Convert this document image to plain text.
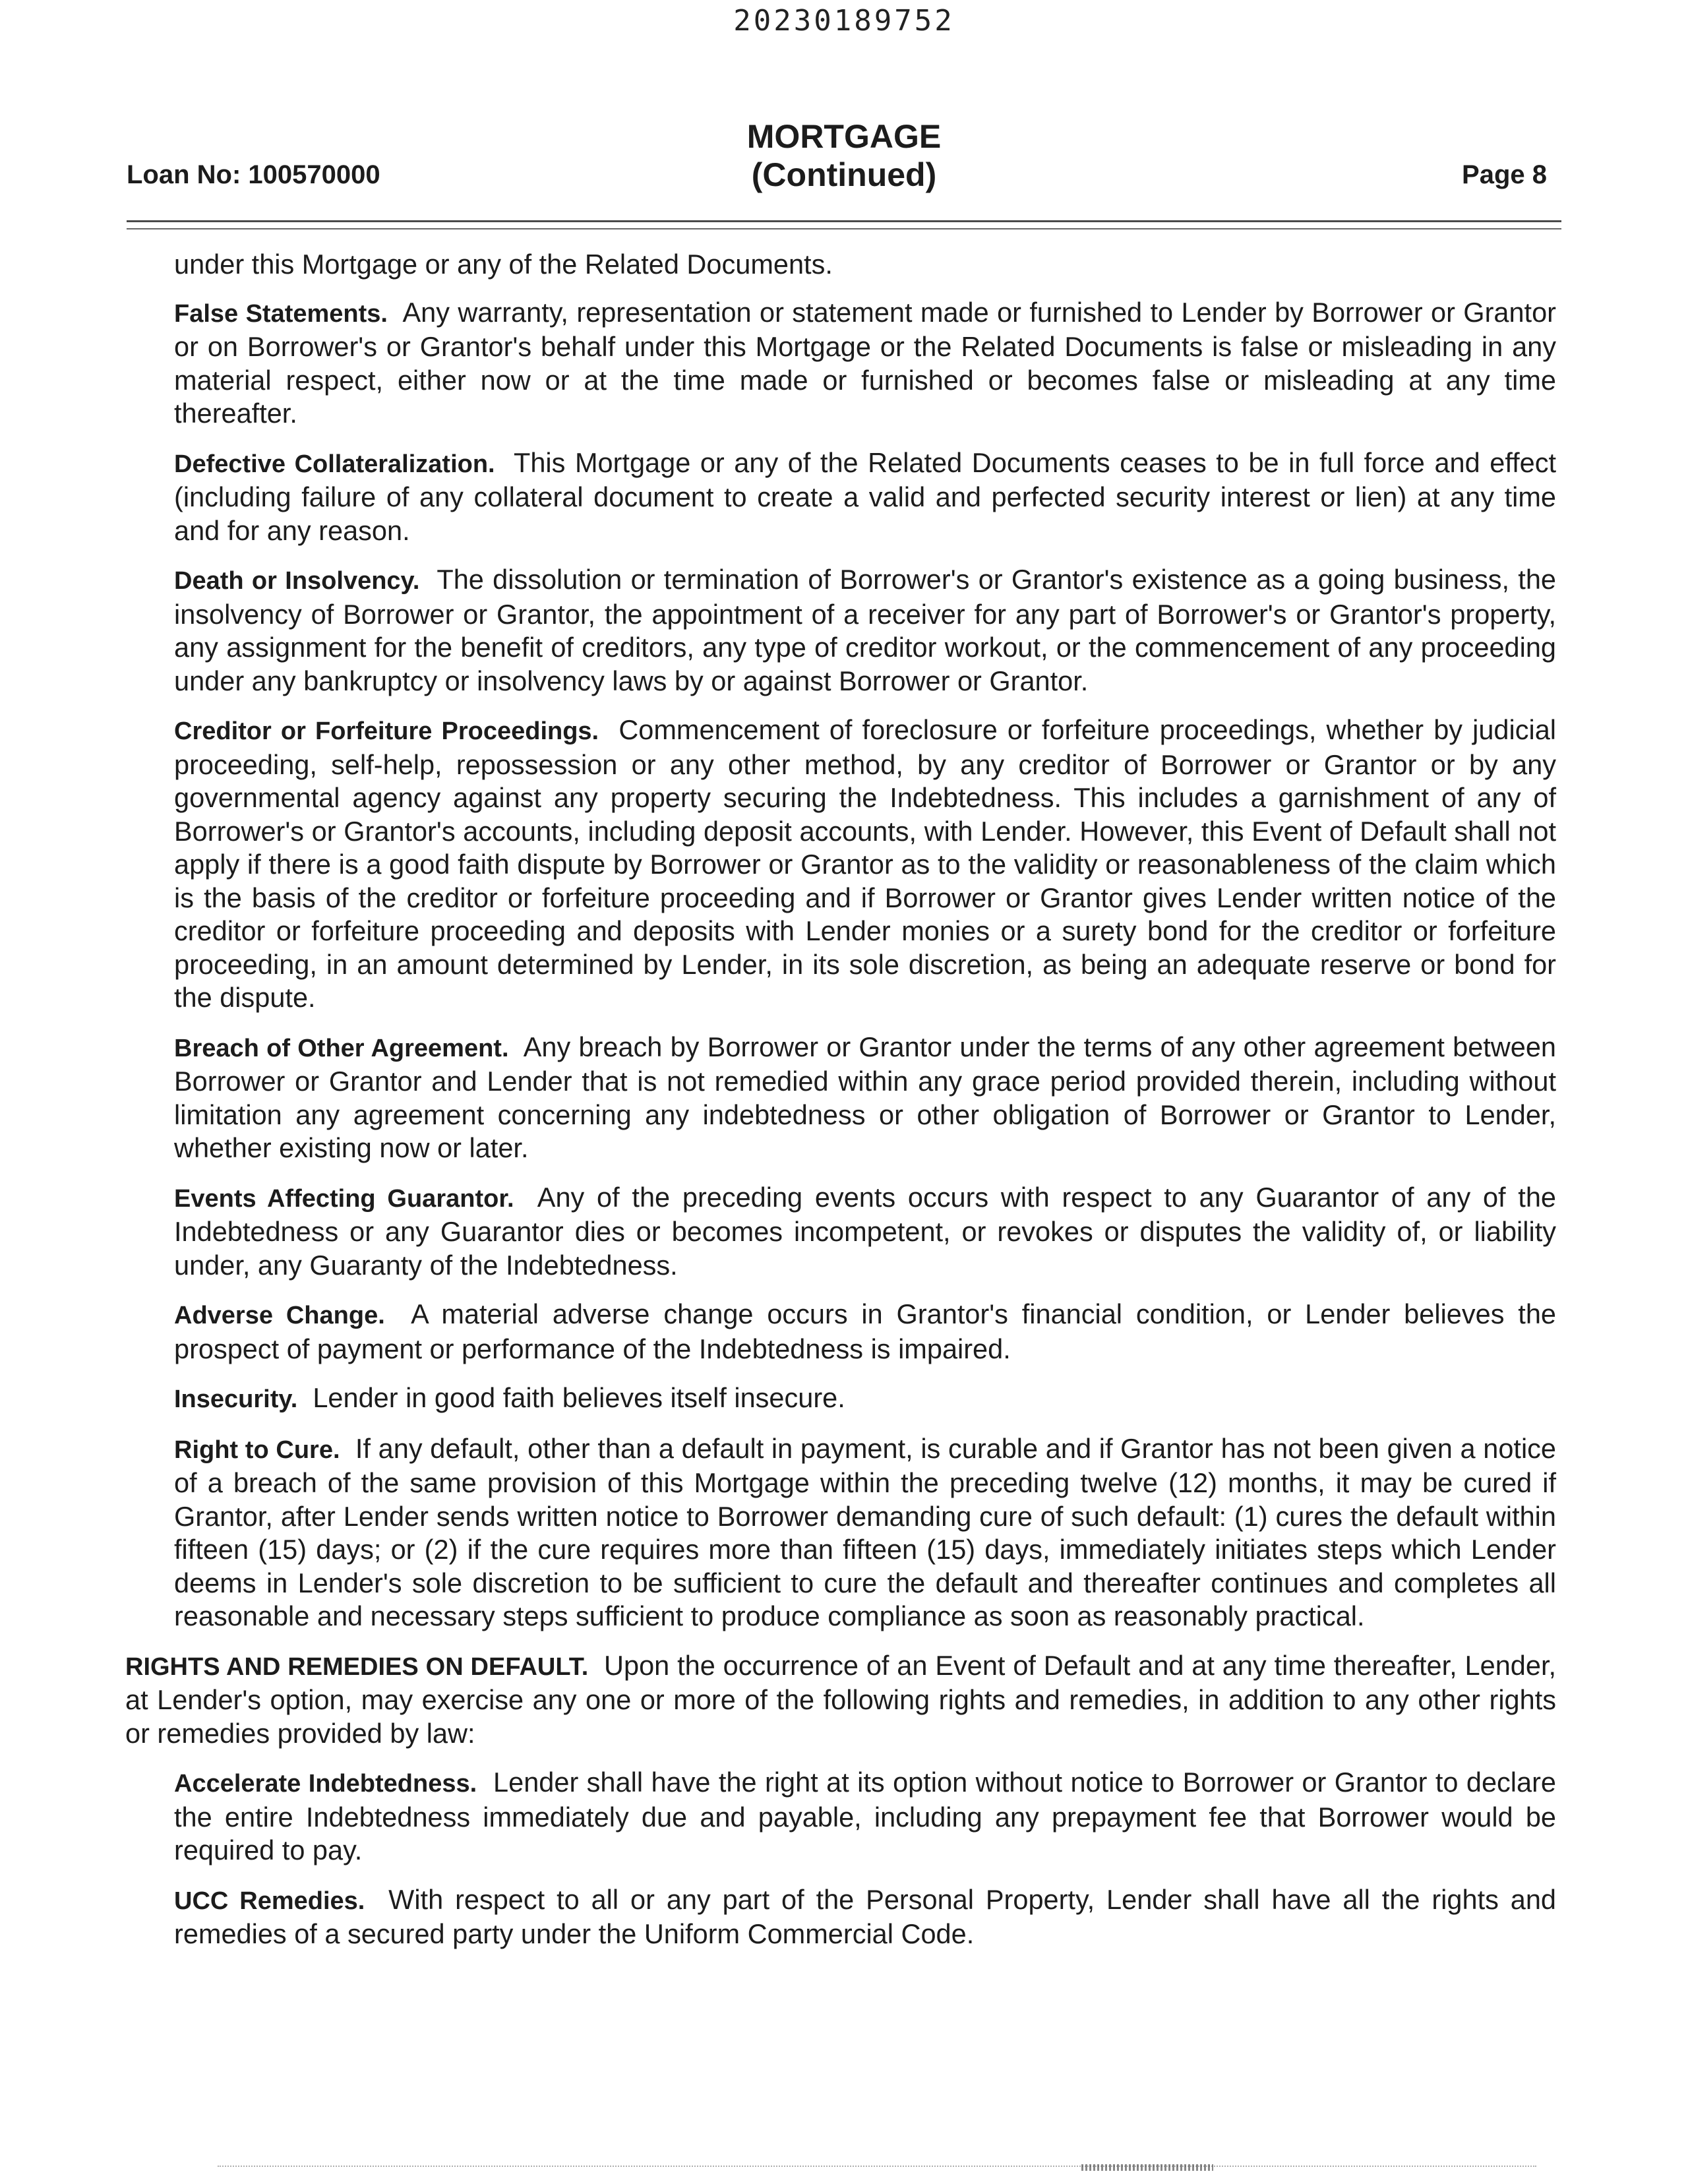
20230189752
Loan No: 100570000
MORTGAGE
(Continued)	Page 8

under this Mortgage or any of the Related Documents.

False Statements. Any warranty, representation or statement made or furnished to Lender by Borrower or Grantor or on Borrower's or Grantor's behalf under this Mortgage or the Related Documents is false or misleading in any material respect, either now or at the time made or furnished or becomes false or misleading at any time thereafter.

Defective Collateralization. This Mortgage or any of the Related Documents ceases to be in full force and effect (including failure of any collateral document to create a valid and perfected security interest or lien) at any time and for any reason.

Death or Insolvency. The dissolution or termination of Borrower's or Grantor's existence as a going business, the insolvency of Borrower or Grantor, the appointment of a receiver for any part of Borrower's or Grantor's property, any assignment for the benefit of creditors, any type of creditor workout, or the commencement of any proceeding under any bankruptcy or insolvency laws by or against Borrower or Grantor.

Creditor or Forfeiture Proceedings. Commencement of foreclosure or forfeiture proceedings, whether by judicial proceeding, self-help, repossession or any other method, by any creditor of Borrower or Grantor or by any governmental agency against any property securing the Indebtedness. This includes a garnishment of any of Borrower's or Grantor's accounts, including deposit accounts, with Lender. However, this Event of Default shall not apply if there is a good faith dispute by Borrower or Grantor as to the validity or reasonableness of the claim which is the basis of the creditor or forfeiture proceeding and if Borrower or Grantor gives Lender written notice of the creditor or forfeiture proceeding and deposits with Lender monies or a surety bond for the creditor or forfeiture proceeding, in an amount determined by Lender, in its sole discretion, as being an adequate reserve or bond for the dispute.

Breach of Other Agreement. Any breach by Borrower or Grantor under the terms of any other agreement between Borrower or Grantor and Lender that is not remedied within any grace period provided therein, including without limitation any agreement concerning any indebtedness or other obligation of Borrower or Grantor to Lender, whether existing now or later.

Events Affecting Guarantor. Any of the preceding events occurs with respect to any Guarantor of any of the Indebtedness or any Guarantor dies or becomes incompetent, or revokes or disputes the validity of, or liability under, any Guaranty of the Indebtedness.

Adverse Change. A material adverse change occurs in Grantor's financial condition, or Lender believes the prospect of payment or performance of the Indebtedness is impaired.

Insecurity. Lender in good faith believes itself insecure.

Right to Cure. If any default, other than a default in payment, is curable and if Grantor has not been given a notice of a breach of the same provision of this Mortgage within the preceding twelve (12) months, it may be cured if Grantor, after Lender sends written notice to Borrower demanding cure of such default: (1) cures the default within fifteen (15) days; or (2) if the cure requires more than fifteen (15) days, immediately initiates steps which Lender deems in Lender's sole discretion to be sufficient to cure the default and thereafter continues and completes all reasonable and necessary steps sufficient to produce compliance as soon as reasonably practical.

RIGHTS AND REMEDIES ON DEFAULT. Upon the occurrence of an Event of Default and at any time thereafter, Lender, at Lender's option, may exercise any one or more of the following rights and remedies, in addition to any other rights or remedies provided by law:

Accelerate Indebtedness. Lender shall have the right at its option without notice to Borrower or Grantor to declare the entire Indebtedness immediately due and payable, including any prepayment fee that Borrower would be required to pay.

UCC Remedies. With respect to all or any part of the Personal Property, Lender shall have all the rights and remedies of a secured party under the Uniform Commercial Code.
